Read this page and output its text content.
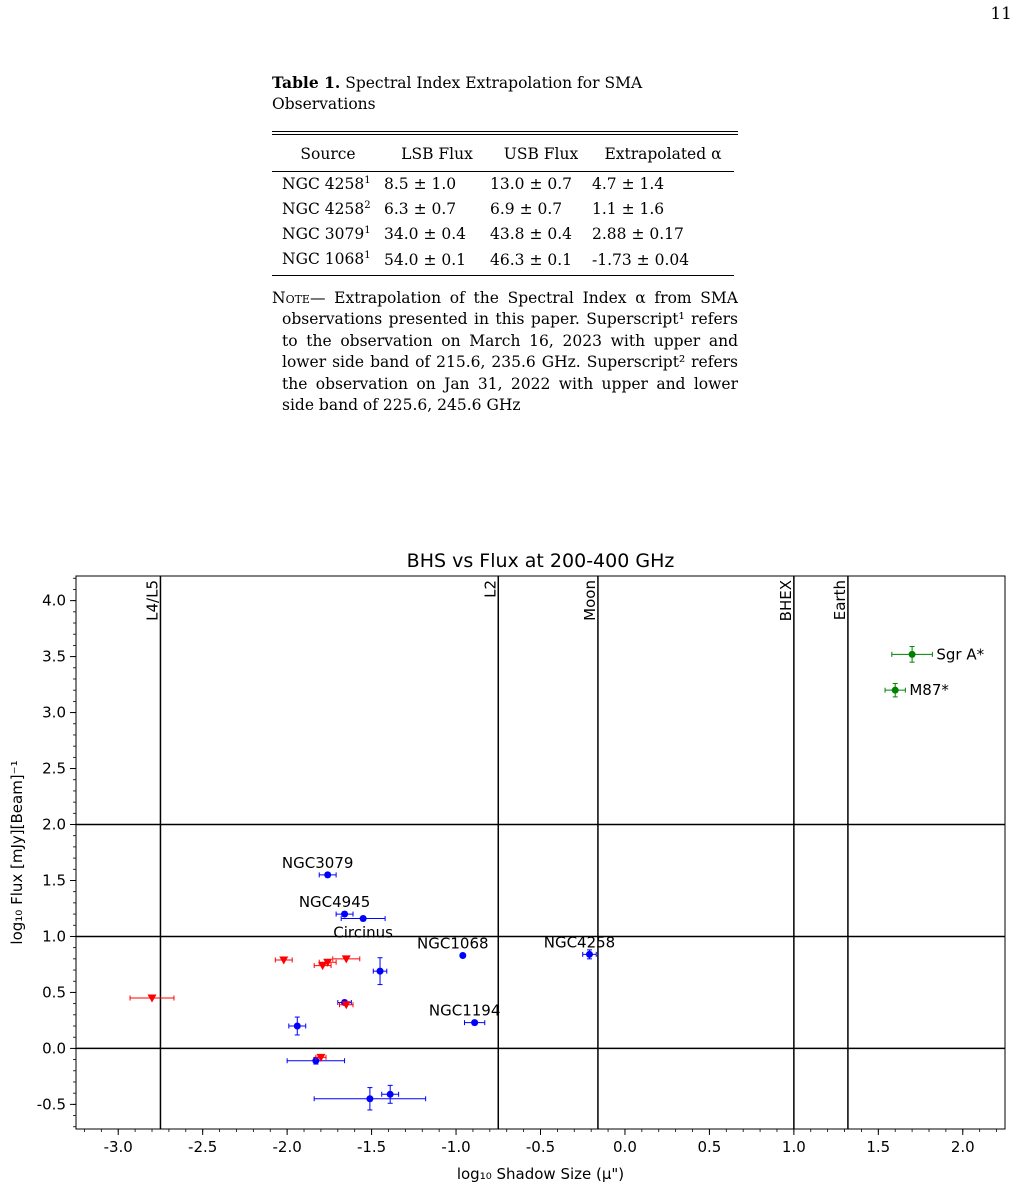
11
Table 1. Spectral Index Extrapolation for SMA Observations
Source	LSB Flux	USB Flux	Extrapolated α
NGC 4258$^1$	8.5 ± 1.0	13.0 ± 0.7	4.7 ± 1.4
NGC 4258$^2$	6.3 ± 0.7	6.9 ± 0.7	1.1 ± 1.6
NGC 3079$^1$	34.0 ± 0.4	43.8 ± 0.4	2.88 ± 0.17
NGC 1068$^1$	54.0 ± 0.1	46.3 ± 0.1	-1.73 ± 0.04
Note— Extrapolation of the Spectral Index α from SMA observations presented in this paper. Superscript¹ refers to the observation on March 16, 2023 with upper and lower side band of 215.6, 235.6 GHz. Superscript² refers the observation on Jan 31, 2022 with upper and lower side band of 225.6, 245.6 GHz
BHS vs Flux at 200-400 GHz
-3.0	-2.5	-2.0	-1.5	-1.0	-0.5	0.0	0.5	1.0	1.5	2.0
-0.5
0.0
0.5
1.0
1.5
2.0
2.5
3.0
3.5
4.0
log₁₀ Shadow Size (μ")
log₁₀ Flux [mJy][Beam]⁻¹
L4/L5	L2	Moon	BHEX Earth
NGC3079
NGC4945
Circinus
NGC1068	NGC4258
NGC1194
Sgr A*
M87*
